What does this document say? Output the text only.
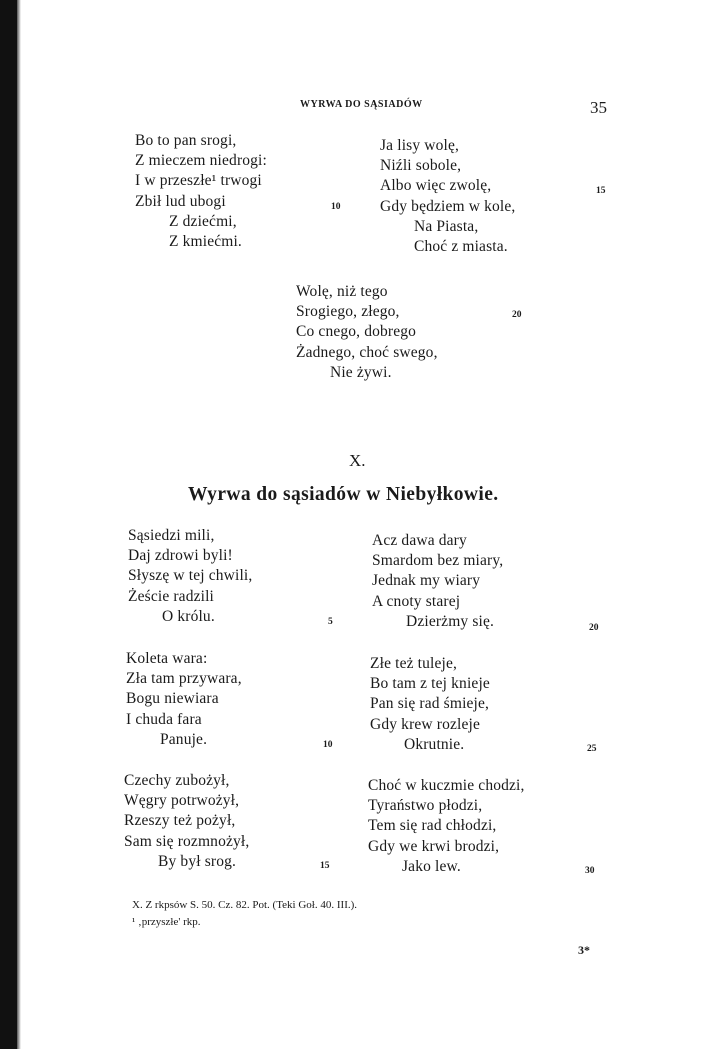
WYRWA DO SĄSIADÓW	35
Bo to pan srogi,
Z mieczem niedrogi:
I w przeszłe¹ trwogi
Zbił lud ubogi
Z dziećmi,
Z kmiećmi.
10
Ja lisy wolę,
Niźli sobole,
Albo więc zwolę,
Gdy będziem w kole,
Na Piasta,
Choć z miasta.
15
Wolę, niż tego
Srogiego, złego,
Co cnego, dobrego
Żadnego, choć swego,
Nie żywi.
20
X.
Wyrwa do sąsiadów w Niebyłkowie.
Sąsiedzi mili,
Daj zdrowi byli!
Słyszę w tej chwili,
Żeście radzili
O królu.	5
Koleta wara:
Zła tam przywara,
Bogu niewiara
I chuda fara
Panuje.	10
Czechy zubożył,
Węgry potrwożył,
Rzeszy też pożył,
Sam się rozmnożył,
By był srog.	15
Acz dawa dary
Smardom bez miary,
Jednak my wiary
A cnoty starej
Dzierżmy się.	20
Złe też tuleje,
Bo tam z tej knieje
Pan się rad śmieje,
Gdy krew rozleje
Okrutnie.	25
Choć w kuczmie chodzi,
Tyraństwo płodzi,
Tem się rad chłodzi,
Gdy we krwi brodzi,
Jako lew.	30
X. Z rkpsów S. 50. Cz. 82. Pot. (Teki Goł. 40. III.).
¹ ‚przyszłe' rkp.
3*
